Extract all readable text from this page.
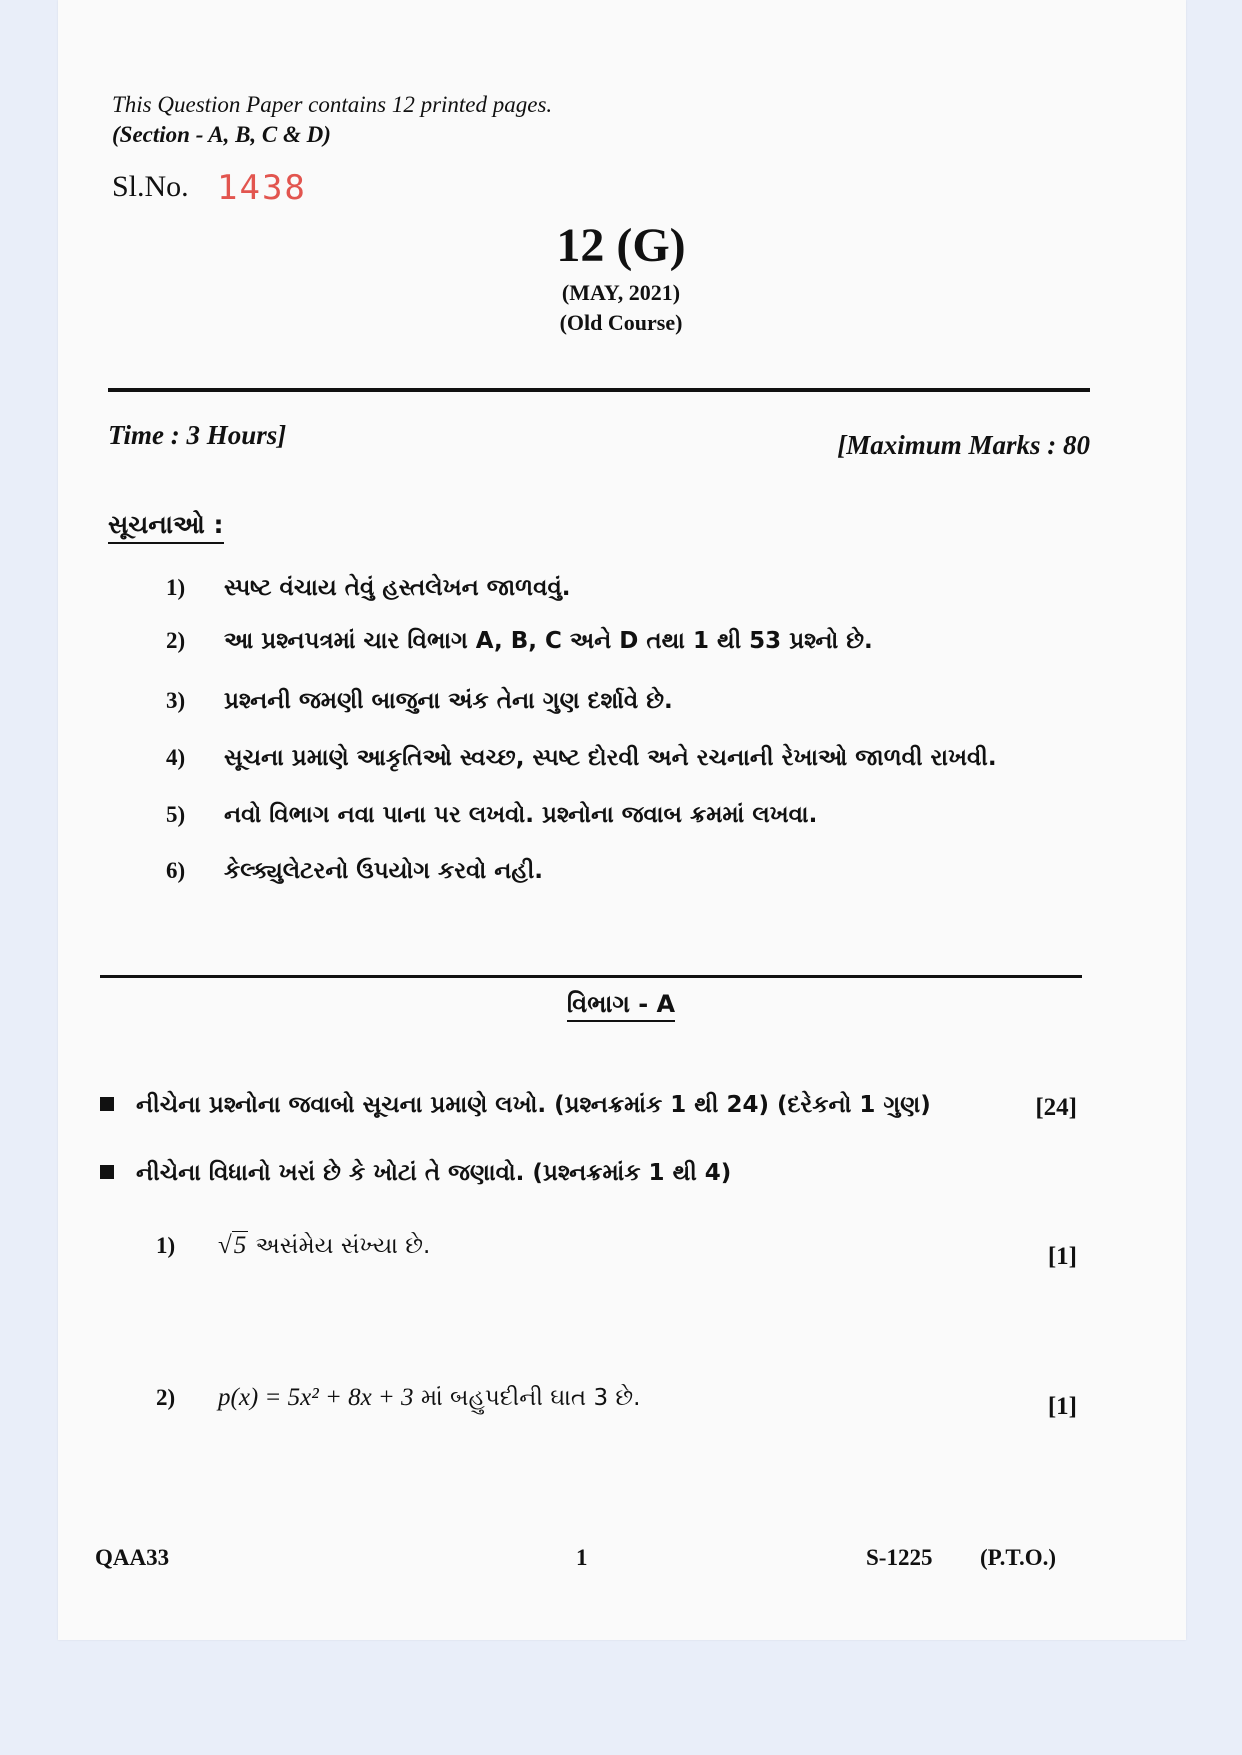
This Question Paper contains 12 printed pages.
(Section - A, B, C & D)
Sl.No. 1438
12 (G)
(MAY, 2021)
(Old Course)
Time : 3 Hours]	[Maximum Marks : 80
સૂચનાઓ :
1) સ્પષ્ટ વંચાય તેવું હસ્તલેખન જાળવવું.
2) આ પ્રશ્નપત્રમાં ચાર વિભાગ A, B, C અને D તથા 1 થી 53 પ્રશ્નો છે.
3) પ્રશ્નની જમણી બાજુના અંક તેના ગુણ દર્શાવે છે.
4) સૂચના પ્રમાણે આકૃતિઓ સ્વચ્છ, સ્પષ્ટ દોરવી અને રચનાની રેખાઓ જાળવી રાખવી.
5) નવો વિભાગ નવા પાના પર લખવો. પ્રશ્નોના જવાબ ક્રમમાં લખવા.
6) કેલ્ક્યુલેટરનો ઉપયોગ કરવો નહી.
વિભાગ - A
નીચેના પ્રશ્નોના જવાબો સૂચના પ્રમાણે લખો. (પ્રશ્નક્રમાંક 1 થી 24) (દરેકનો 1 ગુણ)	[24]
નીચેના વિધાનો ખરાં છે કે ખોટાં તે જણાવો. (પ્રશ્નક્રમાંક 1 થી 4)
1) √5 અસંમેય સંખ્યા છે.	[1]
2) p(x) = 5x² + 8x + 3 માં બહુપદીની ઘાત 3 છે.	[1]
QAA33	1	S-1225 (P.T.O.)
